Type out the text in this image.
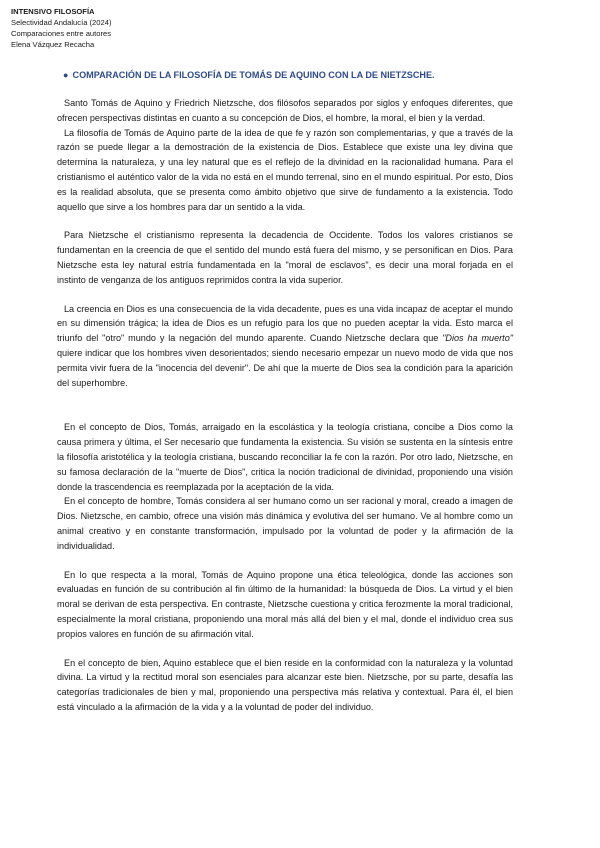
INTENSIVO FILOSOFÍA
Selectividad Andalucía (2024)
Comparaciones entre autores
Elena Vázquez Recacha
● COMPARACIÓN DE LA FILOSOFÍA DE TOMÁS DE AQUINO CON LA DE NIETZSCHE.

Santo Tomás de Aquino y Friedrich Nietzsche, dos filósofos separados por siglos y enfoques diferentes, que ofrecen perspectivas distintas en cuanto a su concepción de Dios, el hombre, la moral, el bien y la verdad.

La filosofía de Tomás de Aquino parte de la idea de que fe y razón son complementarias, y que a través de la razón se puede llegar a la demostración de la existencia de Dios. Establece que existe una ley divina que determina la naturaleza, y una ley natural que es el reflejo de la divinidad en la racionalidad humana. Para el cristianismo el auténtico valor de la vida no está en el mundo terrenal, sino en el mundo espiritual. Por esto, Dios es la realidad absoluta, que se presenta como ámbito objetivo que sirve de fundamento a la existencia. Todo aquello que sirve a los hombres para dar un sentido a la vida.

Para Nietzsche el cristianismo representa la decadencia de Occidente. Todos los valores cristianos se fundamentan en la creencia de que el sentido del mundo está fuera del mismo, y se personifican en Dios. Para Nietzsche esta ley natural estría fundamentada en la "moral de esclavos", es decir una moral forjada en el instinto de venganza de los antiguos reprimidos contra la vida superior.

La creencia en Dios es una consecuencia de la vida decadente, pues es una vida incapaz de aceptar el mundo en su dimensión trágica; la idea de Dios es un refugio para los que no pueden aceptar la vida. Esto marca el triunfo del "otro" mundo y la negación del mundo aparente. Cuando Nietzsche declara que "Dios ha muerto" quiere indicar que los hombres viven desorientados; siendo necesario empezar un nuevo modo de vida que nos permita vivir fuera de la "inocencia del devenir". De ahí que la muerte de Dios sea la condición para la aparición del superhombre.

En el concepto de Dios, Tomás, arraigado en la escolástica y la teología cristiana, concibe a Dios como la causa primera y última, el Ser necesario que fundamenta la existencia. Su visión se sustenta en la síntesis entre la filosofía aristotélica y la teología cristiana, buscando reconciliar la fe con la razón. Por otro lado, Nietzsche, en su famosa declaración de la "muerte de Dios", critica la noción tradicional de divinidad, proponiendo una visión donde la trascendencia es reemplazada por la aceptación de la vida.

En el concepto de hombre, Tomás considera al ser humano como un ser racional y moral, creado a imagen de Dios. Nietzsche, en cambio, ofrece una visión más dinámica y evolutiva del ser humano. Ve al hombre como un animal creativo y en constante transformación, impulsado por la voluntad de poder y la afirmación de la individualidad.

En lo que respecta a la moral, Tomás de Aquino propone una ética teleológica, donde las acciones son evaluadas en función de su contribución al fin último de la humanidad: la búsqueda de Dios. La virtud y el bien moral se derivan de esta perspectiva. En contraste, Nietzsche cuestiona y critica ferozmente la moral tradicional, especialmente la moral cristiana, proponiendo una moral más allá del bien y el mal, donde el individuo crea sus propios valores en función de su afirmación vital.

En el concepto de bien, Aquino establece que el bien reside en la conformidad con la naturaleza y la voluntad divina. La virtud y la rectitud moral son esenciales para alcanzar este bien. Nietzsche, por su parte, desafía las categorías tradicionales de bien y mal, proponiendo una perspectiva más relativa y contextual. Para él, el bien está vinculado a la afirmación de la vida y a la voluntad de poder del individuo.
